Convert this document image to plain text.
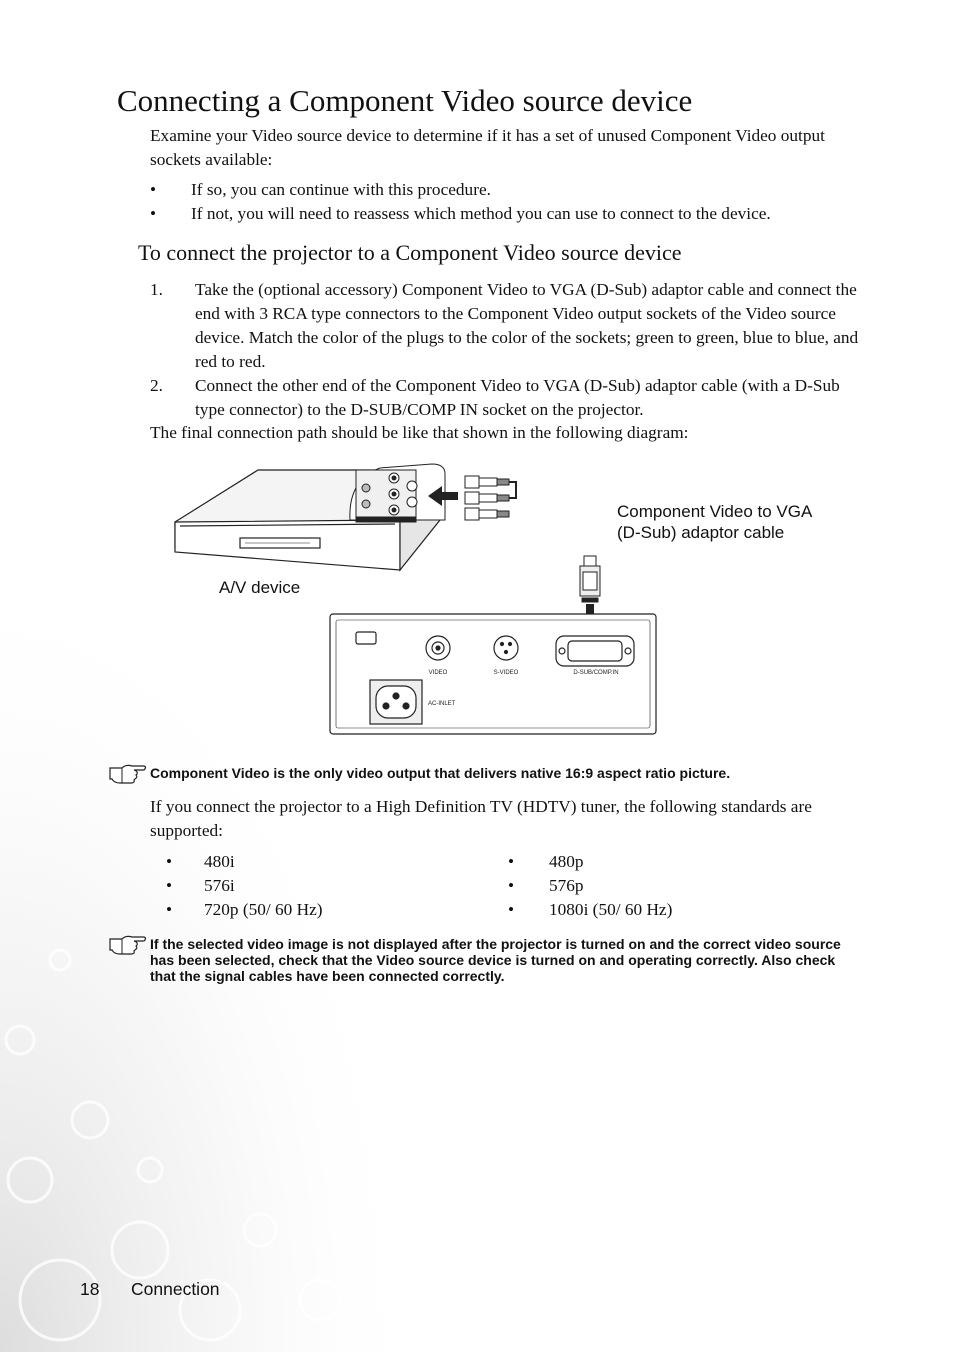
Connecting a Component Video source device

Examine your Video source device to determine if it has a set of unused Component Video output sockets available:

• If so, you can continue with this procedure.
• If not, you will need to reassess which method you can use to connect to the device.
To connect the projector to a Component Video source device
1. Take the (optional accessory) Component Video to VGA (D-Sub) adaptor cable and connect the end with 3 RCA type connectors to the Component Video output sockets of the Video source device. Match the color of the plugs to the color of the sockets; green to green, blue to blue, and red to red.

2. Connect the other end of the Component Video to VGA (D-Sub) adaptor cable (with a D-Sub type connector) to the D-SUB/COMP IN socket on the projector.

The final connection path should be like that shown in the following diagram:

VIDEO	S-VIDEO	D-SUB/COMP.IN
AC-INLET
Component Video to VGA
(D-Sub) adaptor cable
A/V device

Component Video is the only video output that delivers native 16:9 aspect ratio picture.

If you connect the projector to a High Definition TV (HDTV) tuner, the following standards are supported:

• 480i
• 576i
• 720p (50/ 60 Hz)
• 480p
• 576p
• 1080i (50/ 60 Hz)

If the selected video image is not displayed after the projector is turned on and the correct video source has been selected, check that the Video source device is turned on and operating correctly. Also check that the signal cables have been connected correctly.

18 Connection
